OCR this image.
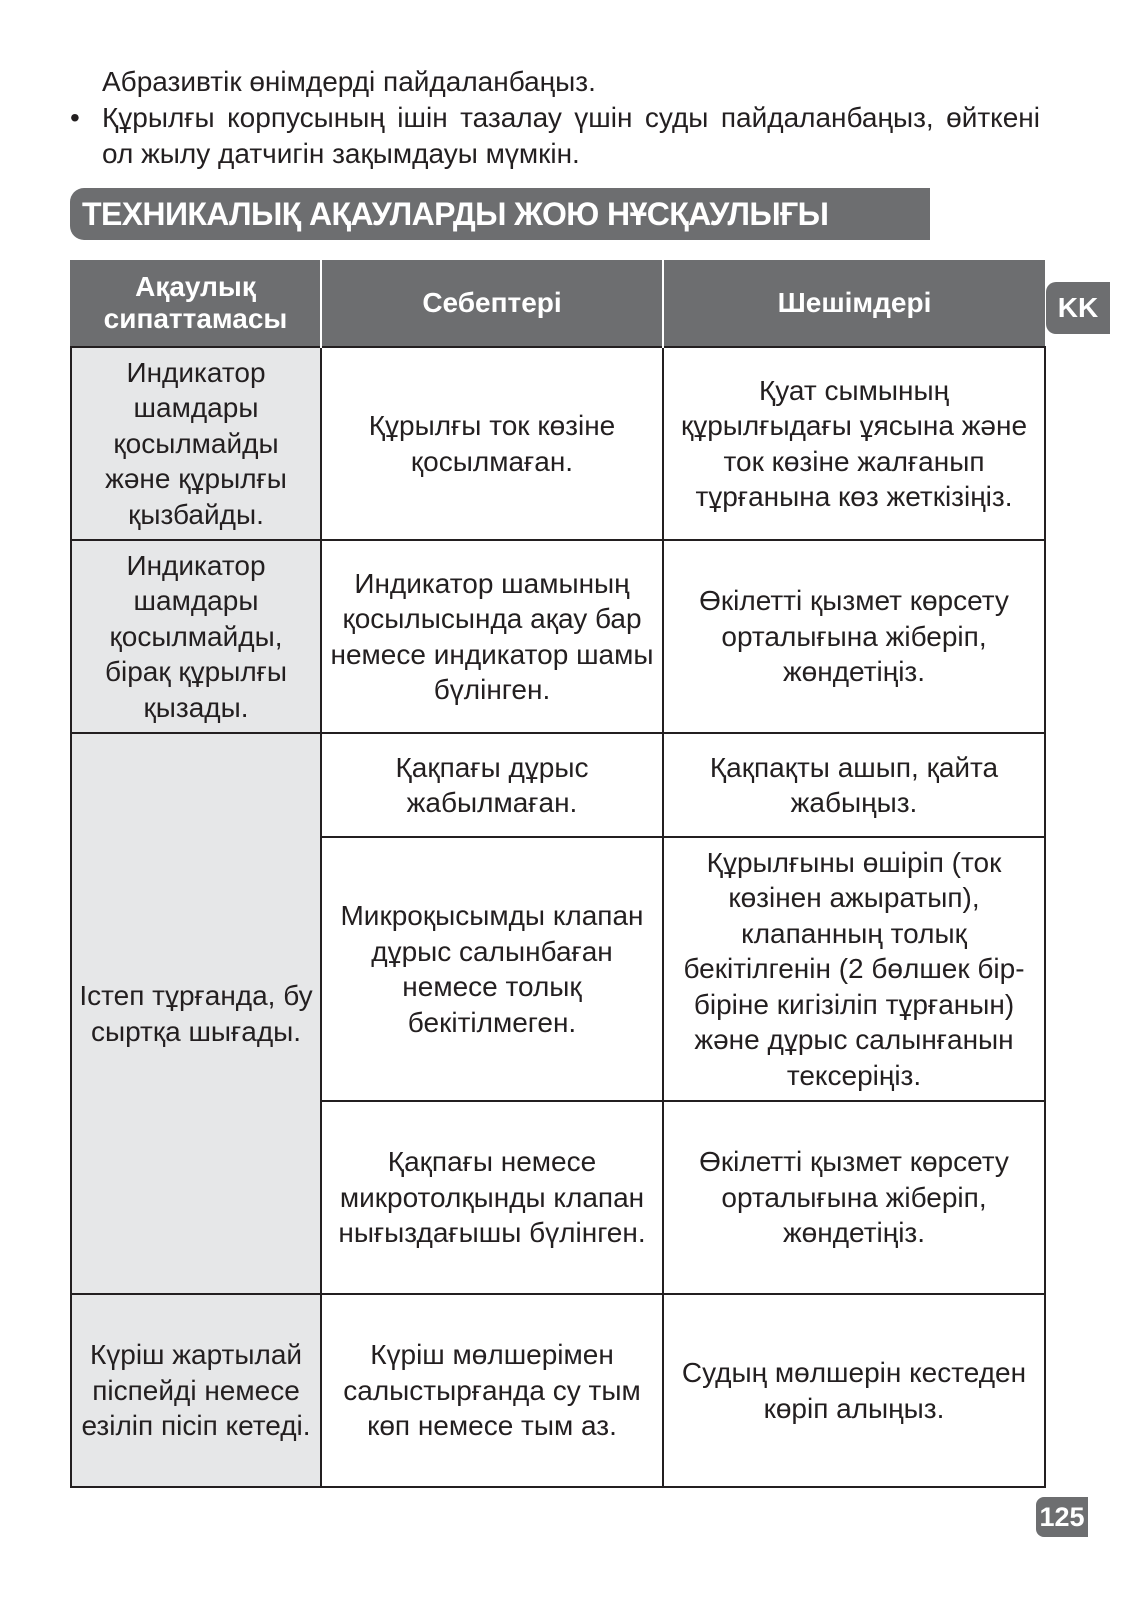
Абразивтік өнімдерді пайдаланбаңыз.
• Құрылғы корпусының ішін тазалау үшін суды пайдаланбаңыз, өйткені ол жылу датчигін зақымдауы мүмкін.
ТЕХНИКАЛЫҚ АҚАУЛАРДЫ ЖОЮ НҰСҚАУЛЫҒЫ
KK
Ақаулық сипаттамасы	Себептері	Шешімдері
Индикатор шамдары қосылмайды және құрылғы қызбайды.	Құрылғы ток көзіне қосылмаған.	Қуат сымының құрылғыдағы ұясына және ток көзіне жалғанып тұрғанына көз жеткізіңіз.
Индикатор шамдары қосылмайды, бірақ құрылғы қызады.	Индикатор шамының қосылысында ақау бар немесе индикатор шамы бүлінген.	Өкілетті қызмет көрсету орталығына жіберіп, жөндетіңіз.
Істеп тұрғанда, бу сыртқа шығады.	Қақпағы дұрыс жабылмаған.	Қақпақты ашып, қайта жабыңыз.
	Микроқысымды клапан дұрыс салынбаған немесе толық бекітілмеген.	Құрылғыны өшіріп (ток көзінен ажыратып), клапанның толық бекітілгенін (2 бөлшек бір-біріне кигізіліп тұрғанын) және дұрыс салынғанын тексеріңіз.
	Қақпағы немесе микротолқынды клапан нығыздағышы бүлінген.	Өкілетті қызмет көрсету орталығына жіберіп, жөндетіңіз.
Күріш жартылай піспейді немесе езіліп пісіп кетеді.	Күріш мөлшерімен салыстырғанда су тым көп немесе тым аз.	Судың мөлшерін кестеден көріп алыңыз.
125
